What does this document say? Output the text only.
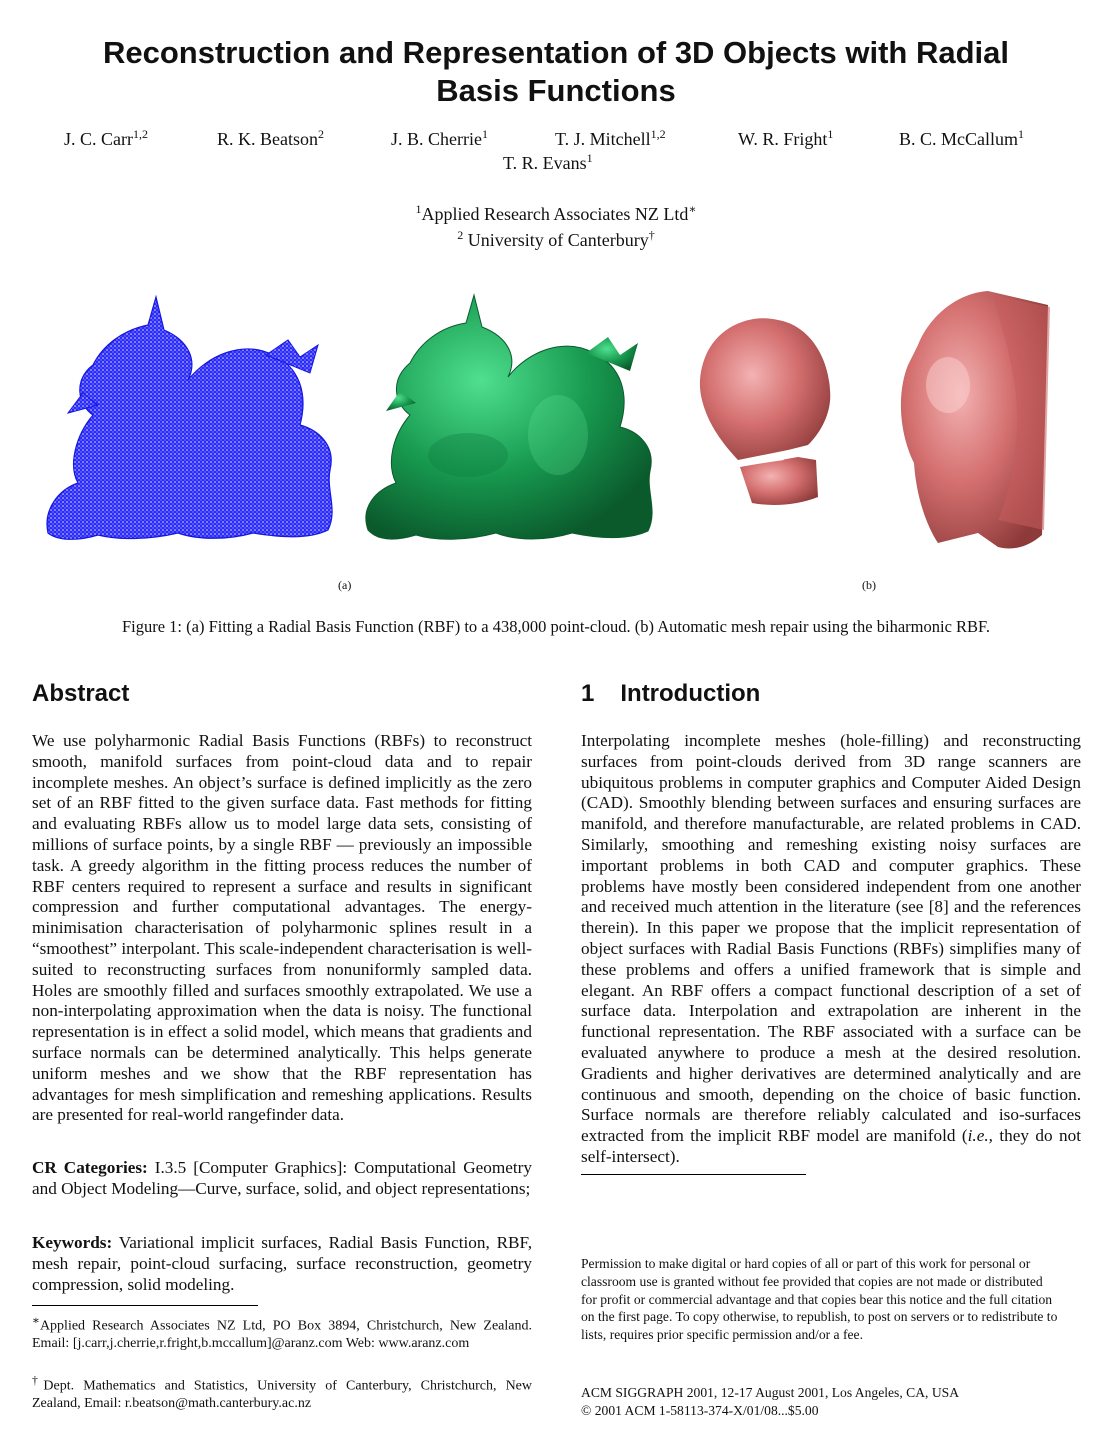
Reconstruction and Representation of 3D Objects with Radial Basis Functions
J. C. Carr$^{1,2}$	R. K. Beatson$^2$	J. B. Cherrie$^1$	T. J. Mitchell$^{1,2}$	W. R. Fright$^1$	B. C. McCallum$^1$
T. R. Evans$^1$
$^1$Applied Research Associates NZ Ltd∗
$^2$ University of Canterbury†
(a)	(b)
Figure 1: (a) Fitting a Radial Basis Function (RBF) to a 438,000 point-cloud. (b) Automatic mesh repair using the biharmonic RBF.
Abstract

We use polyharmonic Radial Basis Functions (RBFs) to reconstruct smooth, manifold surfaces from point-cloud data and to repair incomplete meshes. An object’s surface is defined implicitly as the zero set of an RBF fitted to the given surface data. Fast methods for fitting and evaluating RBFs allow us to model large data sets, consisting of millions of surface points, by a single RBF — previously an impossible task. A greedy algorithm in the fitting process reduces the number of RBF centers required to represent a surface and results in significant compression and further computational advantages. The energy-minimisation characterisation of polyharmonic splines result in a “smoothest” interpolant. This scale-independent characterisation is well-suited to reconstructing surfaces from nonuniformly sampled data. Holes are smoothly filled and surfaces smoothly extrapolated. We use a non-interpolating approximation when the data is noisy. The functional representation is in effect a solid model, which means that gradients and surface normals can be determined analytically. This helps generate uniform meshes and we show that the RBF representation has advantages for mesh simplification and remeshing applications. Results are presented for real-world rangefinder data.

CR Categories: I.3.5 [Computer Graphics]: Computational Geometry and Object Modeling—Curve, surface, solid, and object representations;

Keywords: Variational implicit surfaces, Radial Basis Function, RBF, mesh repair, point-cloud surfacing, surface reconstruction, geometry compression, solid modeling.

∗Applied Research Associates NZ Ltd, PO Box 3894, Christchurch, New Zealand. Email: [j.carr,j.cherrie,r.fright,b.mccallum]@aranz.com Web: www.aranz.com

†Dept. Mathematics and Statistics, University of Canterbury, Christchurch, New Zealand, Email: r.beatson@math.canterbury.ac.nz

1 Introduction

Interpolating incomplete meshes (hole-filling) and reconstructing surfaces from point-clouds derived from 3D range scanners are ubiquitous problems in computer graphics and Computer Aided Design (CAD). Smoothly blending between surfaces and ensuring surfaces are manifold, and therefore manufacturable, are related problems in CAD. Similarly, smoothing and remeshing existing noisy surfaces are important problems in both CAD and computer graphics. These problems have mostly been considered independent from one another and received much attention in the literature (see [8] and the references therein). In this paper we propose that the implicit representation of object surfaces with Radial Basis Functions (RBFs) simplifies many of these problems and offers a unified framework that is simple and elegant. An RBF offers a compact functional description of a set of surface data. Interpolation and extrapolation are inherent in the functional representation. The RBF associated with a surface can be evaluated anywhere to produce a mesh at the desired resolution. Gradients and higher derivatives are determined analytically and are continuous and smooth, depending on the choice of basic function. Surface normals are therefore reliably calculated and iso-surfaces extracted from the implicit RBF model are manifold (i.e., they do not self-intersect).

Permission to make digital or hard copies of all or part of this work for personal or classroom use is granted without fee provided that copies are not made or distributed for profit or commercial advantage and that copies bear this notice and the full citation on the first page. To copy otherwise, to republish, to post on servers or to redistribute to lists, requires prior specific permission and/or a fee.

ACM SIGGRAPH 2001, 12-17 August 2001, Los Angeles, CA, USA
© 2001 ACM 1-58113-374-X/01/08...$5.00
